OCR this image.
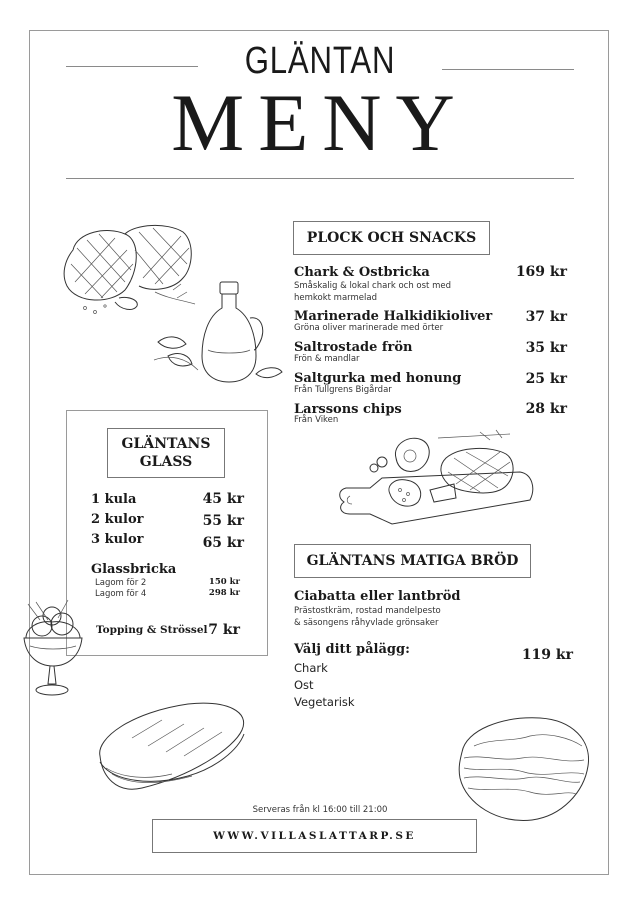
GLÄNTAN
MENY
PLOCK OCH SNACKS
Chark & Ostbricka
Småskalig & lokal chark och ost med
hemkokt marmelad
169 kr
Marinerade Halkidikioliver
Gröna oliver marinerade med örter
37 kr
Saltrostade frön
Frön & mandlar
35 kr
Saltgurka med honung
Från Tullgrens Bigårdar
25 kr
Larssons chips
Från Viken
28 kr
GLÄNTANS
GLASS
1 kula	45 kr
2 kulor	55 kr
3 kulor	65 kr
Glassbricka
Lagom för 2	150 kr
Lagom för 4	298 kr
Topping & Strössel 7 kr
GLÄNTANS MATIGA BRÖD
Ciabatta eller lantbröd
Prästostkräm, rostad mandelpesto
& säsongens råhyvlade grönsaker
Välj ditt pålägg:	119 kr
Chark
Ost
Vegetarisk
Serveras från kl 16:00 till 21:00
WWW.VILLASLATTARP.SE
